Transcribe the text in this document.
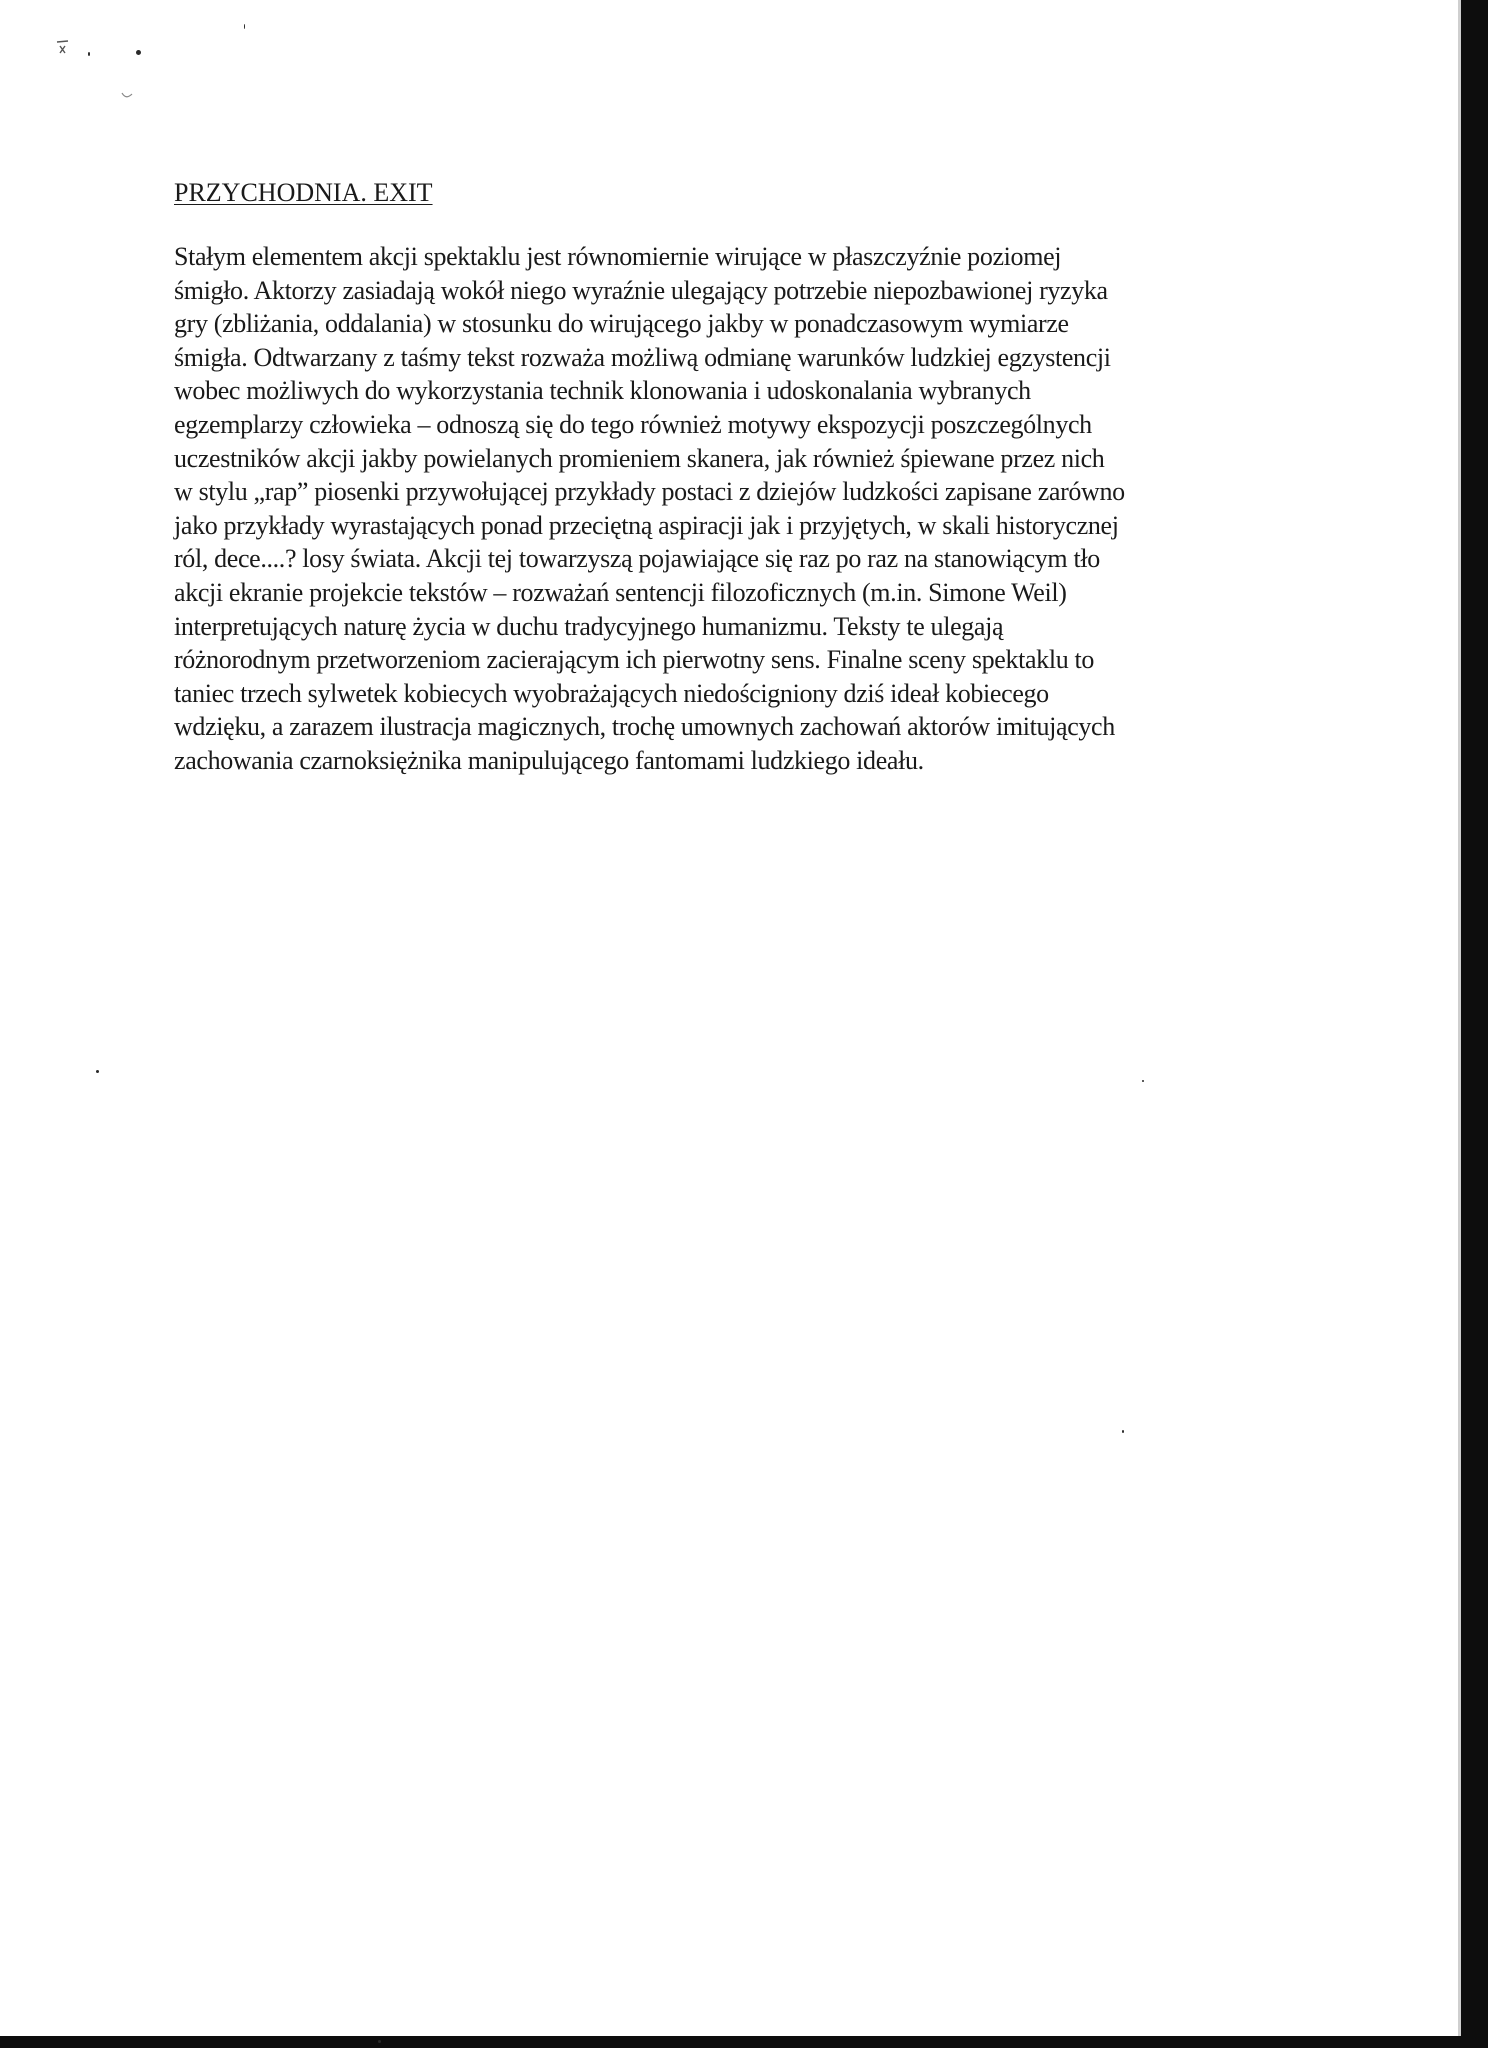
PRZYCHODNIA. EXIT
Stałym elementem akcji spektaklu jest równomiernie wirujące w płaszczyźnie poziomej
śmigło. Aktorzy zasiadają wokół niego wyraźnie ulegający potrzebie niepozbawionej ryzyka
gry (zbliżania, oddalania) w stosunku do wirującego jakby w ponadczasowym wymiarze
śmigła. Odtwarzany z taśmy tekst rozważa możliwą odmianę warunków ludzkiej egzystencji
wobec możliwych do wykorzystania technik klonowania i udoskonalania wybranych
egzemplarzy człowieka – odnoszą się do tego również motywy ekspozycji poszczególnych
uczestników akcji jakby powielanych promieniem skanera, jak również śpiewane przez nich
w stylu „rap” piosenki przywołującej przykłady postaci z dziejów ludzkości zapisane zarówno
jako przykłady wyrastających ponad przeciętną aspiracji jak i przyjętych, w skali historycznej
ról, dece....? losy świata. Akcji tej towarzyszą pojawiające się raz po raz na stanowiącym tło
akcji ekranie projekcie tekstów – rozważań sentencji filozoficznych (m.in. Simone Weil)
interpretujących naturę życia w duchu tradycyjnego humanizmu. Teksty te ulegają
różnorodnym przetworzeniom zacierającym ich pierwotny sens. Finalne sceny spektaklu to
taniec trzech sylwetek kobiecych wyobrażających niedościgniony dziś ideał kobiecego
wdzięku, a zarazem ilustracja magicznych, trochę umownych zachowań aktorów imitujących
zachowania czarnoksiężnika manipulującego fantomami ludzkiego ideału.
